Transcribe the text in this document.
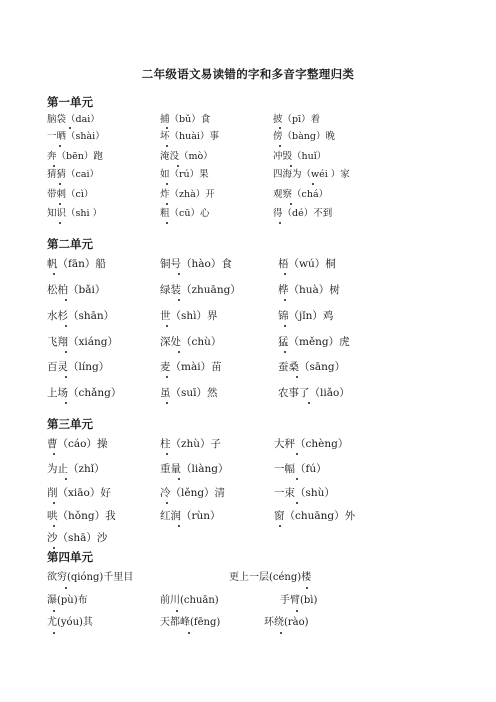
二年级语文易读错的字和多音字整理归类
第一单元
脑袋（dai）	捕（bǔ）食	披（pī）着
一晒（shài）	坏（huài）事	傍（bàng）晚
奔（bēn）跑	淹没（mò）	冲毁（huǐ）
猜猜（cai）	如（rú）果	四海为（wéi ）家
带刺（cì）	炸（zhà）开	观察（chá）
知识（shi ）	粗（cū）心	得（dé）不到
第二单元
帆（fān）船	铜号（hào）食	梧（wú）桐
松柏（bǎi）	绿装（zhuāng）	桦（huà）树
水杉（shān）	世（shì）界	锦（jǐn）鸡
飞翔（xiáng）	深处（chù）	猛（měng）虎
百灵（líng）	麦（mài）苗	蚕桑（sāng）
上场（chǎng）	虽（suī）然	农事了（liǎo）
第三单元
曹（cáo）操	柱（zhù）子	大秤（chèng）
为止（zhǐ）	重量（liàng）	一幅（fú）
削（xiāo）好	冷（lěng）清	一束（shù）
哄（hǒng）我	红润（rùn）	窗（chuāng）外
沙（shā）沙
第四单元
欲穷(qióng)千里目	更上一层(céng)楼
瀑(pù)布	前川(chuān)	手臂(bì)
尤(yóu)其	天都峰(fēng)	环绕(rào)
